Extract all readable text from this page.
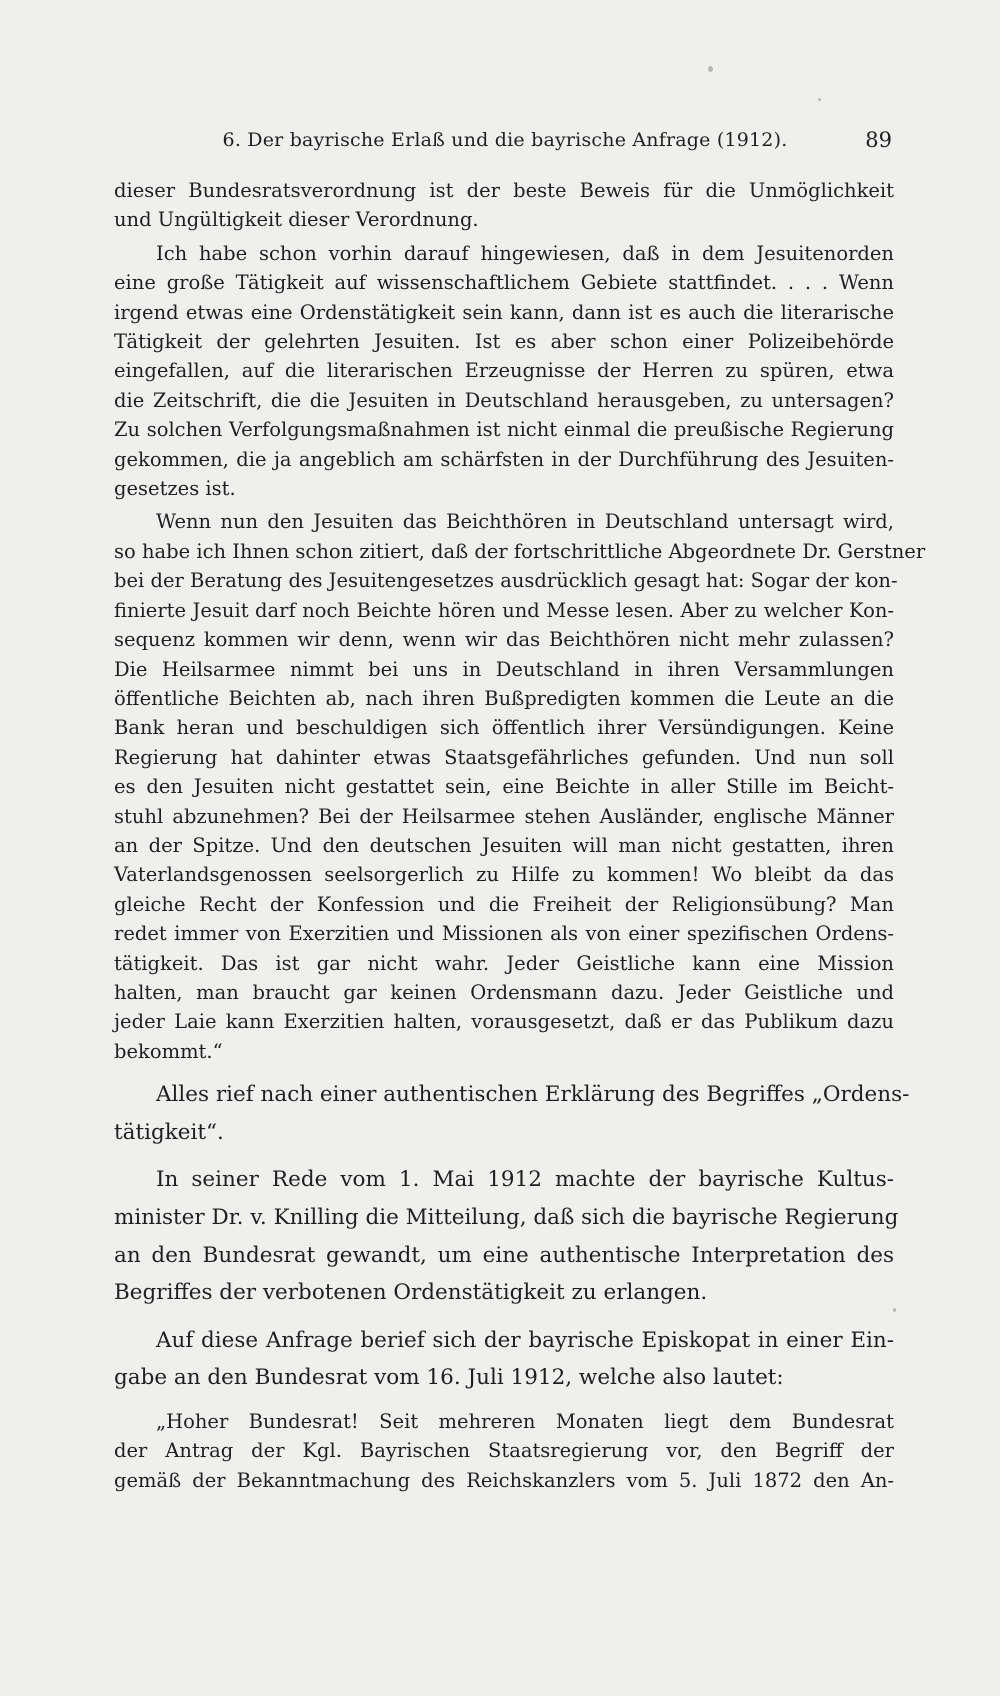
6. Der bayrische Erlaß und die bayrische Anfrage (1912).	89

dieser Bundesratsverordnung ist der beste Beweis für die Unmöglichkeit
und Ungültigkeit dieser Verordnung.

Ich habe schon vorhin darauf hingewiesen, daß in dem Jesuitenorden
eine große Tätigkeit auf wissenschaftlichem Gebiete stattfindet. . . . Wenn
irgend etwas eine Ordenstätigkeit sein kann, dann ist es auch die literarische
Tätigkeit der gelehrten Jesuiten. Ist es aber schon einer Polizeibehörde
eingefallen, auf die literarischen Erzeugnisse der Herren zu spüren, etwa
die Zeitschrift, die die Jesuiten in Deutschland herausgeben, zu untersagen?
Zu solchen Verfolgungsmaßnahmen ist nicht einmal die preußische Regierung
gekommen, die ja angeblich am schärfsten in der Durchführung des Jesuiten-
gesetzes ist.

Wenn nun den Jesuiten das Beichthören in Deutschland untersagt wird,
so habe ich Ihnen schon zitiert, daß der fortschrittliche Abgeordnete Dr. Gerstner
bei der Beratung des Jesuitengesetzes ausdrücklich gesagt hat: Sogar der kon-
finierte Jesuit darf noch Beichte hören und Messe lesen. Aber zu welcher Kon-
sequenz kommen wir denn, wenn wir das Beichthören nicht mehr zulassen?
Die Heilsarmee nimmt bei uns in Deutschland in ihren Versammlungen
öffentliche Beichten ab, nach ihren Bußpredigten kommen die Leute an die
Bank heran und beschuldigen sich öffentlich ihrer Versündigungen. Keine
Regierung hat dahinter etwas Staatsgefährliches gefunden. Und nun soll
es den Jesuiten nicht gestattet sein, eine Beichte in aller Stille im Beicht-
stuhl abzunehmen? Bei der Heilsarmee stehen Ausländer, englische Männer
an der Spitze. Und den deutschen Jesuiten will man nicht gestatten, ihren
Vaterlandsgenossen seelsorgerlich zu Hilfe zu kommen! Wo bleibt da das
gleiche Recht der Konfession und die Freiheit der Religionsübung? Man
redet immer von Exerzitien und Missionen als von einer spezifischen Ordens-
tätigkeit. Das ist gar nicht wahr. Jeder Geistliche kann eine Mission
halten, man braucht gar keinen Ordensmann dazu. Jeder Geistliche und
jeder Laie kann Exerzitien halten, vorausgesetzt, daß er das Publikum dazu
bekommt.“

Alles rief nach einer authentischen Erklärung des Begriffes „Ordens-
tätigkeit“.

In seiner Rede vom 1. Mai 1912 machte der bayrische Kultus-
minister Dr. v. Knilling die Mitteilung, daß sich die bayrische Regierung
an den Bundesrat gewandt, um eine authentische Interpretation des
Begriffes der verbotenen Ordenstätigkeit zu erlangen.

Auf diese Anfrage berief sich der bayrische Episkopat in einer Ein-
gabe an den Bundesrat vom 16. Juli 1912, welche also lautet:

„Hoher Bundesrat! Seit mehreren Monaten liegt dem Bundesrat
der Antrag der Kgl. Bayrischen Staatsregierung vor, den Begriff der
gemäß der Bekanntmachung des Reichskanzlers vom 5. Juli 1872 den An-
